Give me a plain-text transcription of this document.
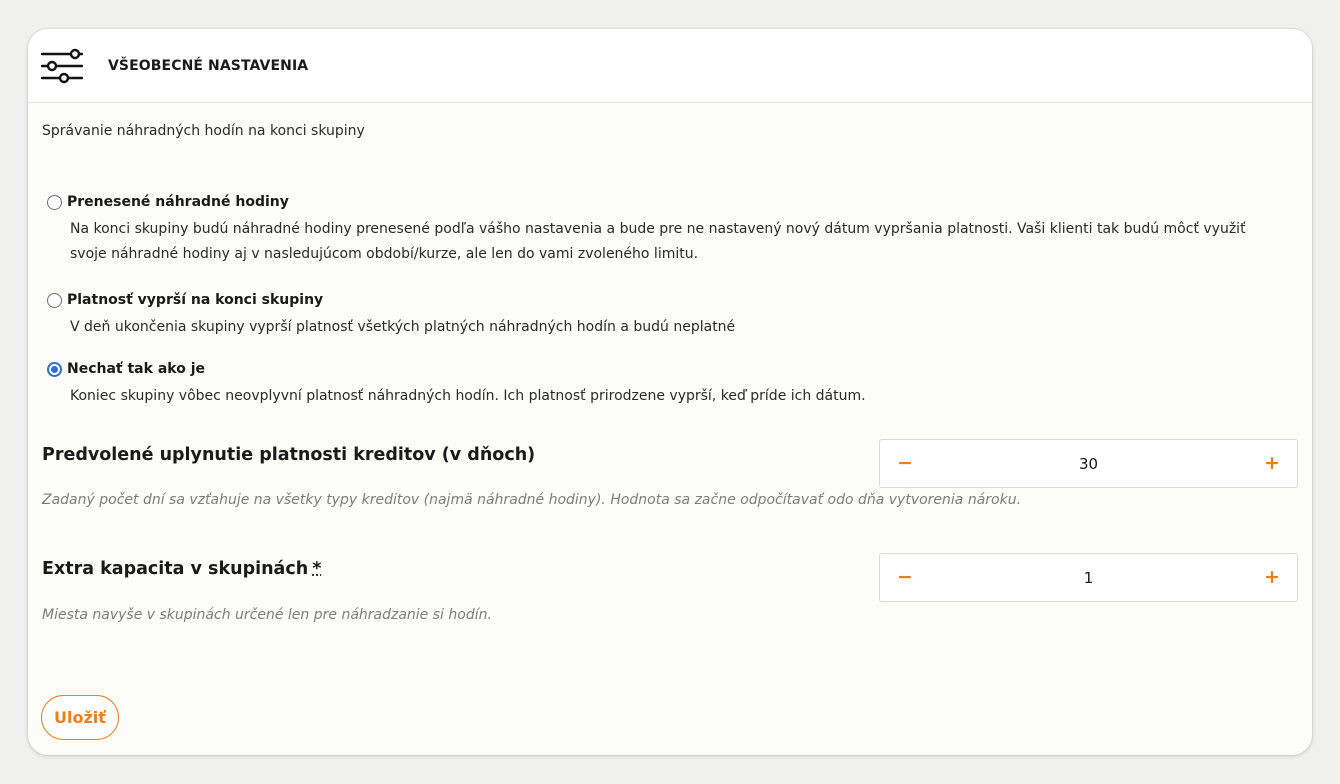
VŠEOBECNÉ NASTAVENIA
Správanie náhradných hodín na konci skupiny
Prenesené náhradné hodiny
Na konci skupiny budú náhradné hodiny prenesené podľa vášho nastavenia a bude pre ne nastavený nový dátum vypršania platnosti. Vaši klienti tak budú môcť využiť svoje náhradné hodiny aj v nasledujúcom období/kurze, ale len do vami zvoleného limitu.
Platnosť vyprší na konci skupiny
V deň ukončenia skupiny vyprší platnosť všetkých platných náhradných hodín a budú neplatné
Nechať tak ako je
Koniec skupiny vôbec neovplyvní platnosť náhradných hodín. Ich platnosť prirodzene vyprší, keď príde ich dátum.
Predvolené uplynutie platnosti kreditov (v dňoch)	−
30	+
Zadaný počet dní sa vzťahuje na všetky typy kreditov (najmä náhradné hodiny). Hodnota sa začne odpočítavať odo dňa vytvorenia nároku.
Extra kapacita v skupinách *	−
1	+
Miesta navyše v skupinách určené len pre náhradzanie si hodín.
Uložiť
